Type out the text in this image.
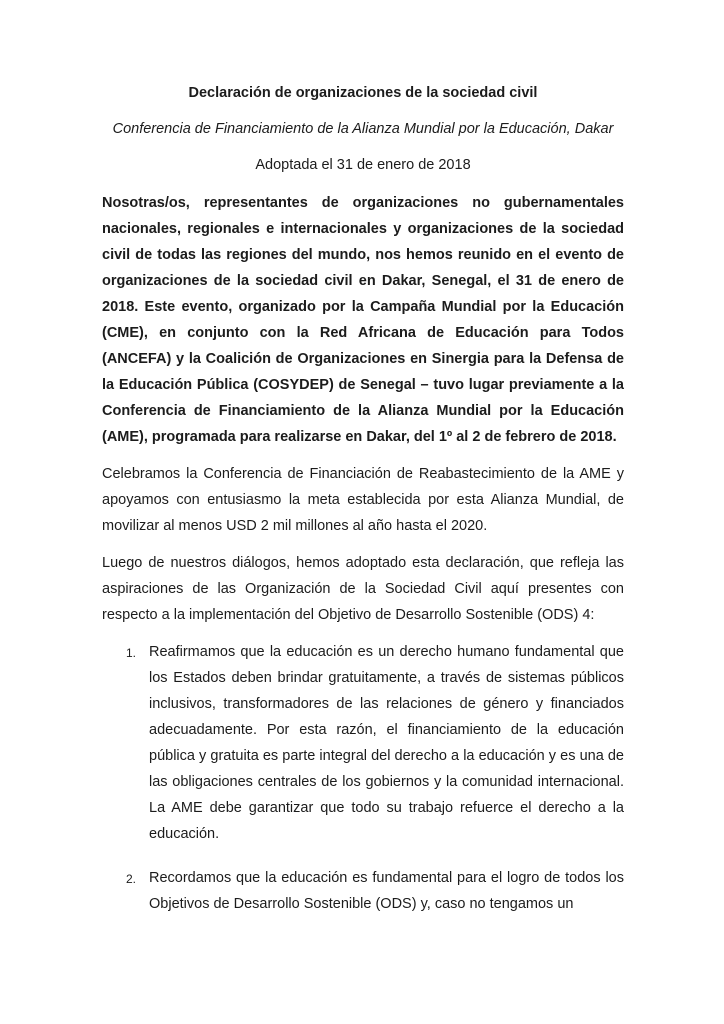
Declaración de organizaciones de la sociedad civil

Conferencia de Financiamiento de la Alianza Mundial por la Educación, Dakar

Adoptada el 31 de enero de 2018

Nosotras/os, representantes de organizaciones no gubernamentales nacionales, regionales e internacionales y organizaciones de la sociedad civil de todas las regiones del mundo, nos hemos reunido en el evento de organizaciones de la sociedad civil en Dakar, Senegal, el 31 de enero de 2018. Este evento, organizado por la Campaña Mundial por la Educación (CME), en conjunto con la Red Africana de Educación para Todos (ANCEFA) y la Coalición de Organizaciones en Sinergia para la Defensa de la Educación Pública (COSYDEP) de Senegal – tuvo lugar previamente a la Conferencia de Financiamiento de la Alianza Mundial por la Educación (AME), programada para realizarse en Dakar, del 1º al 2 de febrero de 2018.

Celebramos la Conferencia de Financiación de Reabastecimiento de la AME y apoyamos con entusiasmo la meta establecida por esta Alianza Mundial, de movilizar al menos USD 2 mil millones al año hasta el 2020.

Luego de nuestros diálogos, hemos adoptado esta declaración, que refleja las aspiraciones de las Organización de la Sociedad Civil aquí presentes con respecto a la implementación del Objetivo de Desarrollo Sostenible (ODS) 4:

1. Reafirmamos que la educación es un derecho humano fundamental que los Estados deben brindar gratuitamente, a través de sistemas públicos inclusivos, transformadores de las relaciones de género y financiados adecuadamente. Por esta razón, el financiamiento de la educación pública y gratuita es parte integral del derecho a la educación y es una de las obligaciones centrales de los gobiernos y la comunidad internacional. La AME debe garantizar que todo su trabajo refuerce el derecho a la educación.
2. Recordamos que la educación es fundamental para el logro de todos los Objetivos de Desarrollo Sostenible (ODS) y, caso no tengamos un
